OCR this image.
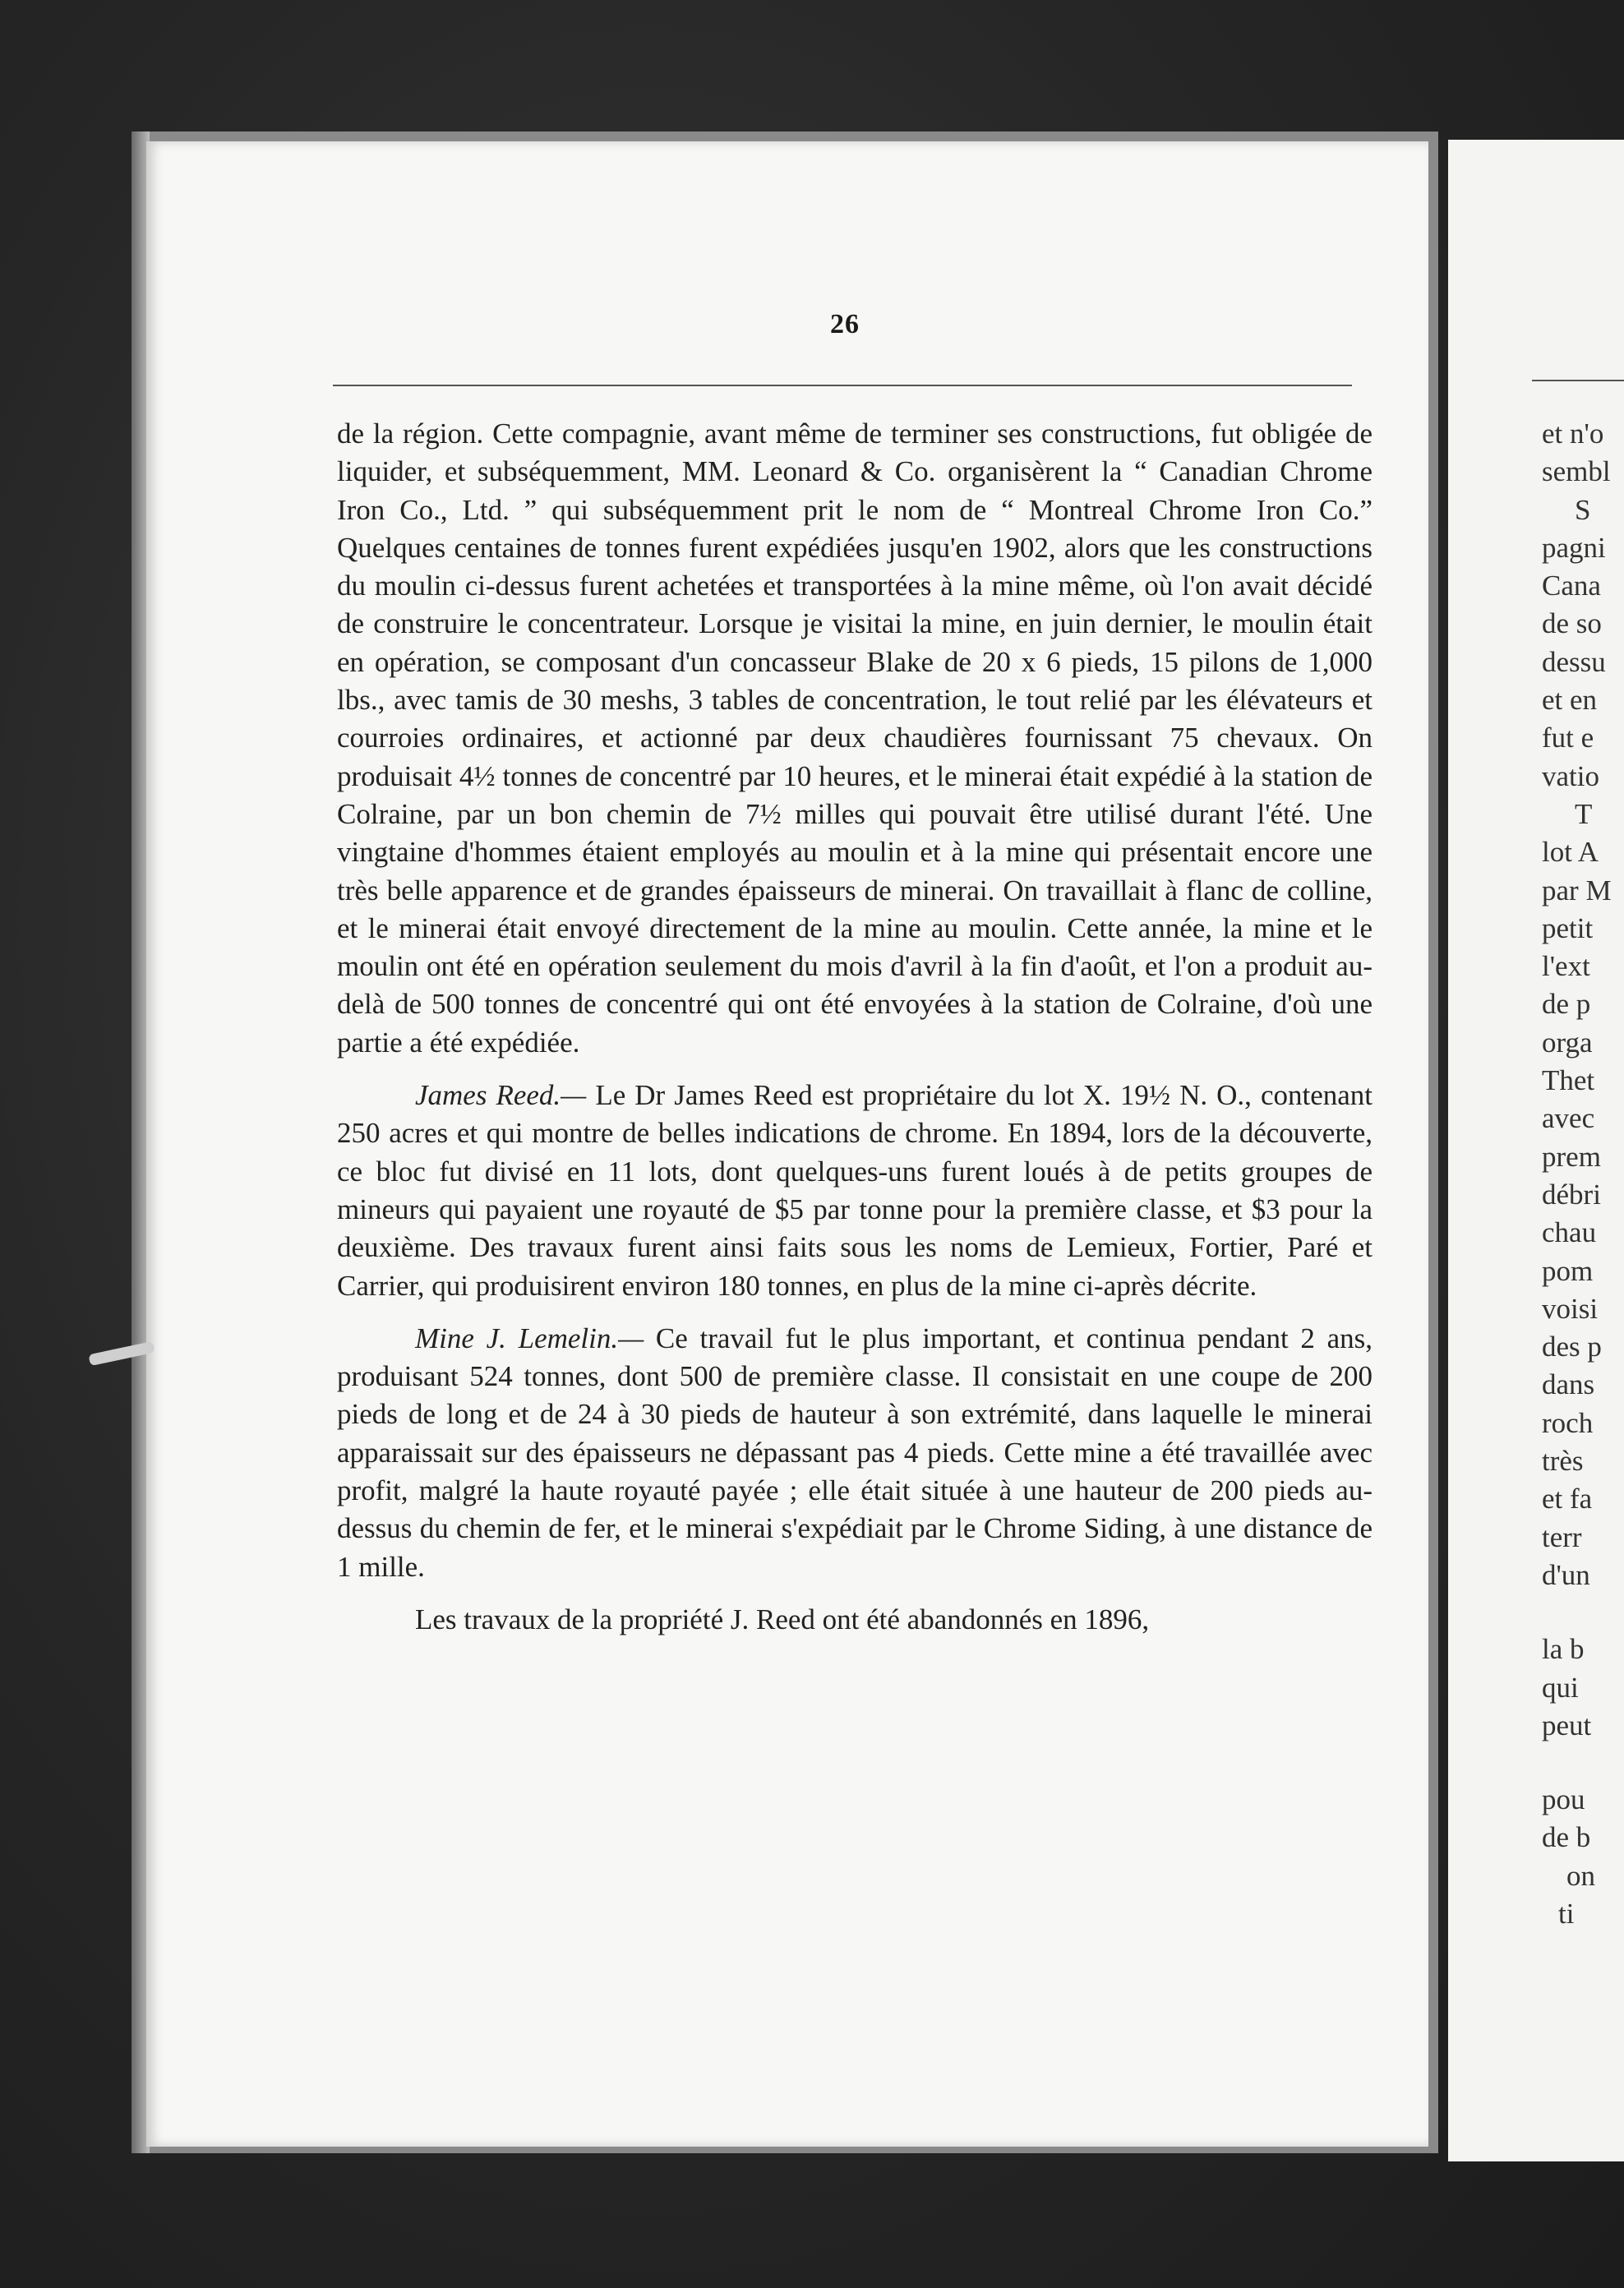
26

de la région. Cette compagnie, avant même de terminer ses constructions, fut obligée de liquider, et subséquemment, MM. Leonard & Co. organisèrent la “ Canadian Chrome Iron Co., Ltd. ” qui subséquemment prit le nom de “ Montreal Chrome Iron Co.” Quelques centaines de tonnes furent expédiées jusqu'en 1902, alors que les constructions du moulin ci-dessus furent achetées et transportées à la mine même, où l'on avait décidé de construire le concentrateur. Lorsque je visitai la mine, en juin dernier, le moulin était en opération, se composant d'un concasseur Blake de 20 x 6 pieds, 15 pilons de 1,000 lbs., avec tamis de 30 meshs, 3 tables de concentration, le tout relié par les élévateurs et courroies ordinaires, et actionné par deux chaudières fournissant 75 chevaux. On produisait 4½ tonnes de concentré par 10 heures, et le minerai était expédié à la station de Colraine, par un bon chemin de 7½ milles qui pouvait être utilisé durant l'été. Une vingtaine d'hommes étaient employés au moulin et à la mine qui présentait encore une très belle apparence et de grandes épaisseurs de minerai. On travaillait à flanc de colline, et le minerai était envoyé directement de la mine au moulin. Cette année, la mine et le moulin ont été en opération seulement du mois d'avril à la fin d'août, et l'on a produit au-delà de 500 tonnes de concentré qui ont été envoyées à la station de Colraine, d'où une partie a été expédiée.

James Reed.— Le Dr James Reed est propriétaire du lot X. 19½ N. O., contenant 250 acres et qui montre de belles indications de chrome. En 1894, lors de la découverte, ce bloc fut divisé en 11 lots, dont quelques-uns furent loués à de petits groupes de mineurs qui payaient une royauté de $5 par tonne pour la première classe, et $3 pour la deuxième. Des travaux furent ainsi faits sous les noms de Lemieux, Fortier, Paré et Carrier, qui produisirent environ 180 tonnes, en plus de la mine ci-après décrite.

Mine J. Lemelin.— Ce travail fut le plus important, et continua pendant 2 ans, produisant 524 tonnes, dont 500 de première classe. Il consistait en une coupe de 200 pieds de long et de 24 à 30 pieds de hauteur à son extrémité, dans laquelle le minerai apparaissait sur des épaisseurs ne dépassant pas 4 pieds. Cette mine a été travaillée avec profit, malgré la haute royauté payée ; elle était située à une hauteur de 200 pieds au-dessus du chemin de fer, et le minerai s'expédiait par le Chrome Siding, à une distance de 1 mille.

Les travaux de la propriété J. Reed ont été abandonnés en 1896,

et n'o
sembl
S
pagni
Cana
de so
dessu
et en
fut e
vatio
T
lot A
par M
petit
l'ext
de p
orga
Thet
avec
prem
débri
chau
pom
voisi
des p
dans
roch
très
et fa
terr
d'un
la b
qui
peut
pou
de b
on
ti
